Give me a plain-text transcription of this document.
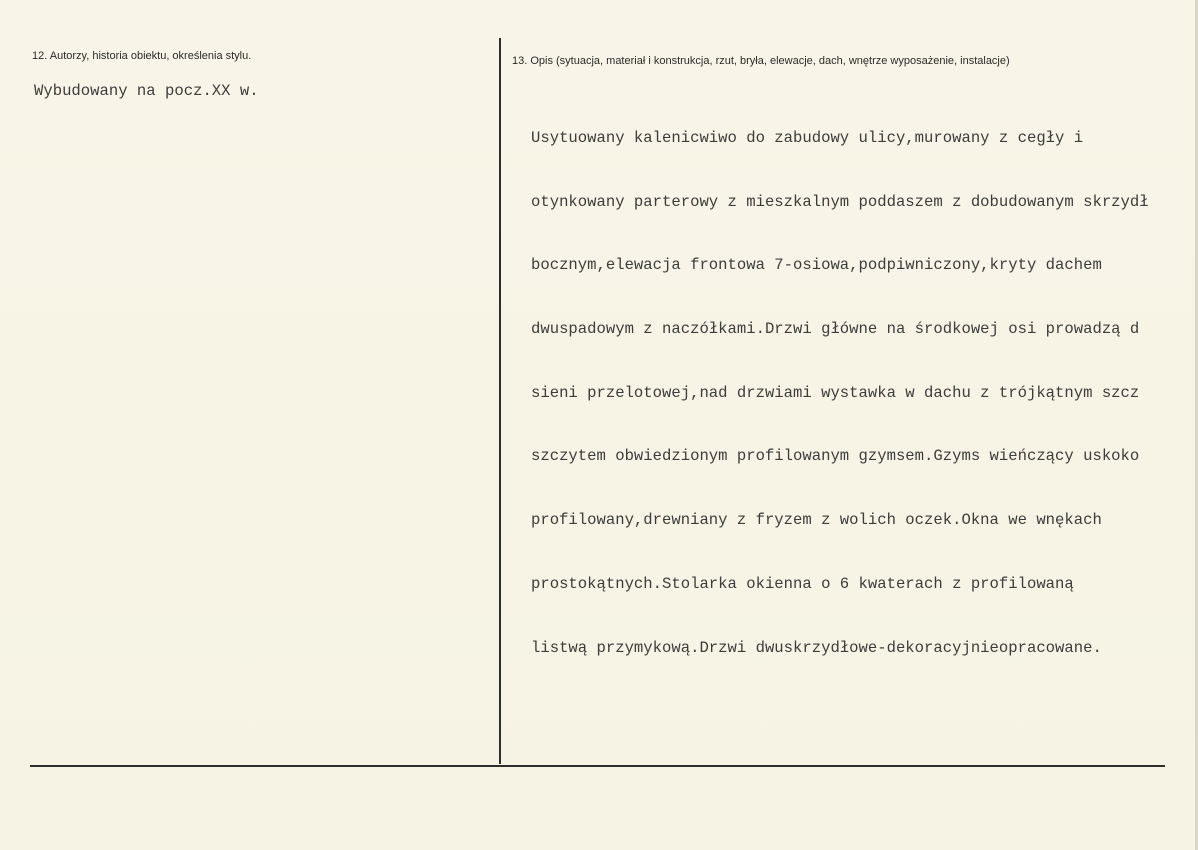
12. Autorzy, historia obiektu, określenia stylu.
Wybudowany na pocz.XX w.
13. Opis (sytuacja, materiał i konstrukcja, rzut, bryła, elewacje, dach, wnętrze wyposażenie, instalacje)

Usytuowany kalenicwiwo do zabudowy ulicy,murowany z cegły i

otynkowany parterowy z mieszkalnym poddaszem z dobudowanym skrzydł

bocznym,elewacja frontowa 7-osiowa,podpiwniczony,kryty dachem

dwuspadowym z naczółkami.Drzwi główne na środkowej osi prowadzą d

sieni przelotowej,nad drzwiami wystawka w dachu z trójkątnym szcz

szczytem obwiedzionym profilowanym gzymsem.Gzyms wieńczący uskoko

profilowany,drewniany z fryzem z wolich oczek.Okna we wnękach

prostokątnych.Stolarka okienna o 6 kwaterach z profilowaną

listwą przymykową.Drzwi dwuskrzydłowe-dekoracyjnieopracowane.
